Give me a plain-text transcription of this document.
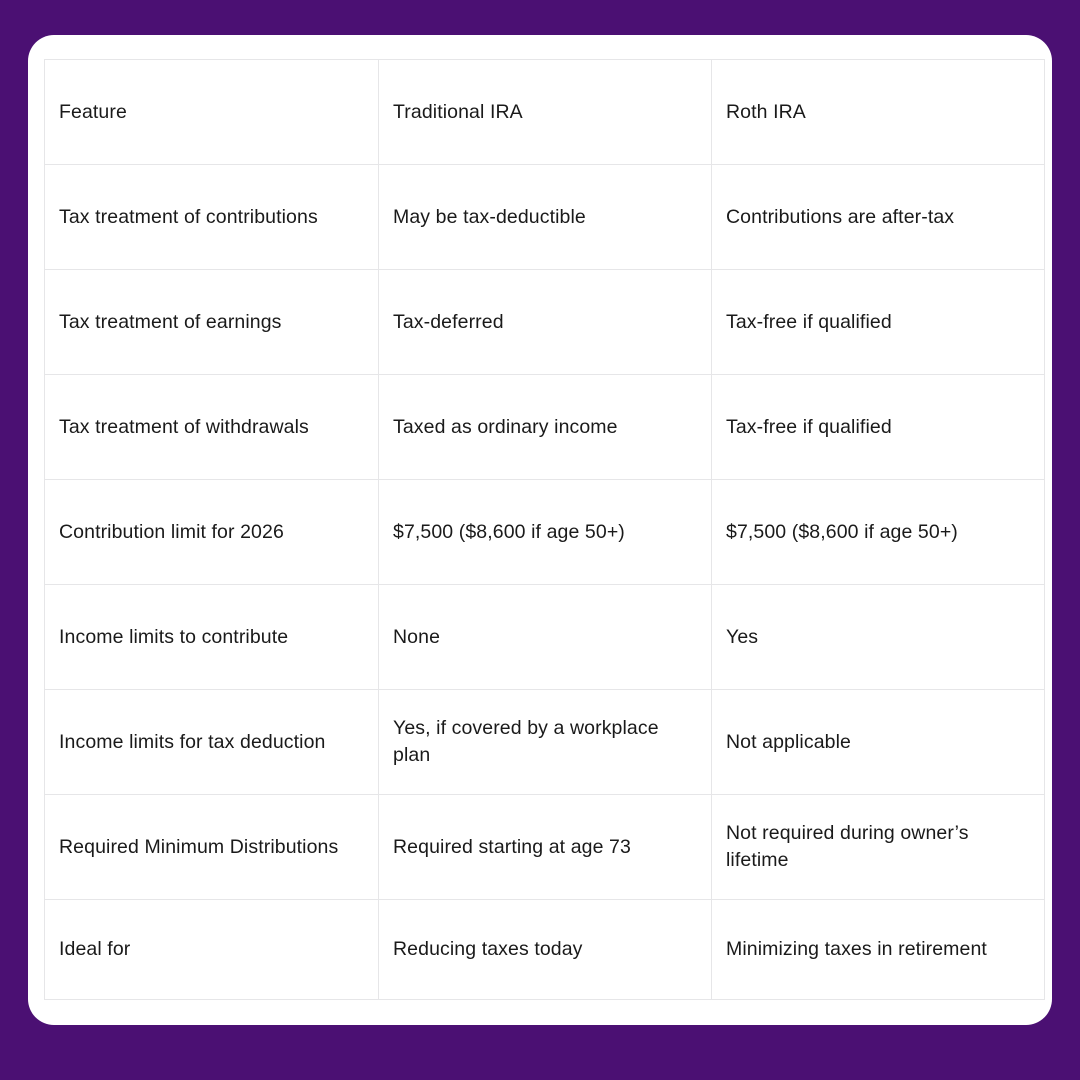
Feature	Traditional IRA	Roth IRA
Tax treatment of contributions	May be tax-deductible	Contributions are after-tax
Tax treatment of earnings	Tax-deferred	Tax-free if qualified
Tax treatment of withdrawals	Taxed as ordinary income	Tax-free if qualified
Contribution limit for 2026	$7,500 ($8,600 if age 50+)	$7,500 ($8,600 if age 50+)
Income limits to contribute	None	Yes
Income limits for tax deduction	Yes, if covered by a workplace plan	Not applicable
Required Minimum Distributions	Required starting at age 73	Not required during owner’s lifetime
Ideal for	Reducing taxes today	Minimizing taxes in retirement
